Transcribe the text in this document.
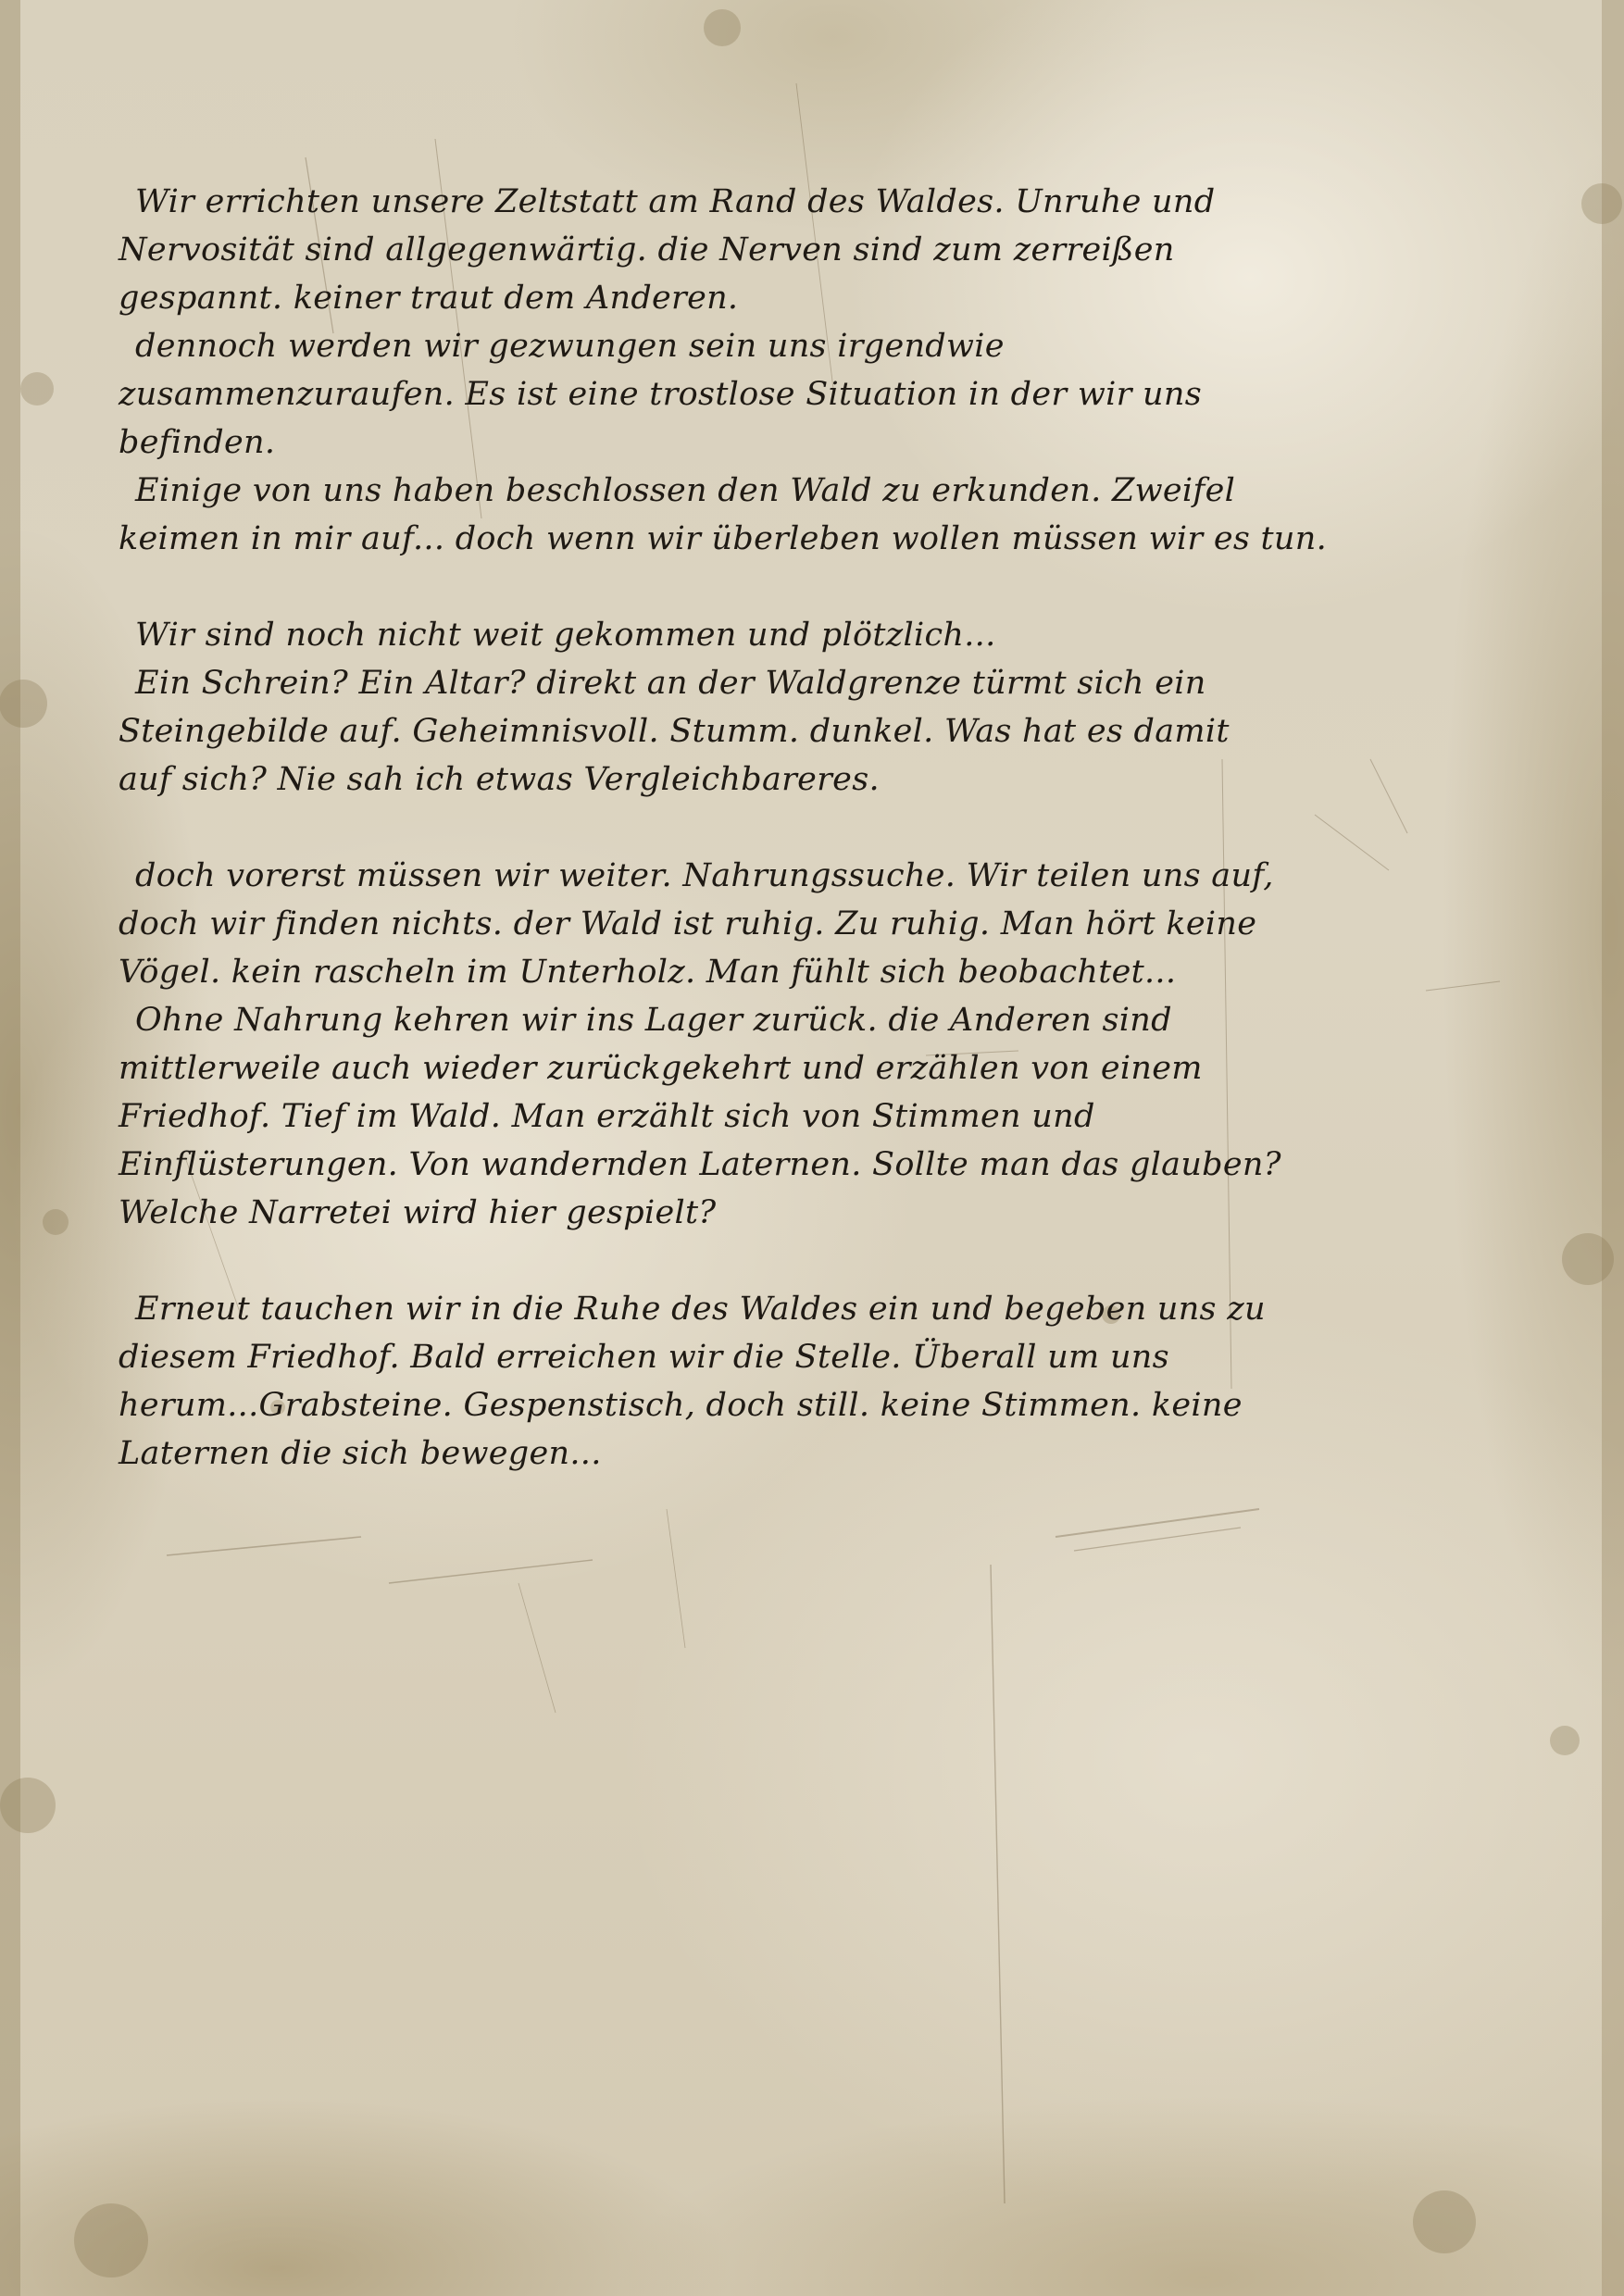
Wir errichten unsere Zeltstatt am Rand des Waldes. Unruhe und
Nervosität sind allgegenwärtig. die Nerven sind zum zerreißen
gespannt. keiner traut dem Anderen.
dennoch werden wir gezwungen sein uns irgendwie
zusammenzuraufen. Es ist eine trostlose Situation in der wir uns
befinden.
Einige von uns haben beschlossen den Wald zu erkunden. Zweifel
keimen in mir auf... doch wenn wir überleben wollen müssen wir es tun.
Wir sind noch nicht weit gekommen und plötzlich...
Ein Schrein? Ein Altar? direkt an der Waldgrenze türmt sich ein
Steingebilde auf. Geheimnisvoll. Stumm. dunkel. Was hat es damit
auf sich? Nie sah ich etwas Vergleichbareres.
doch vorerst müssen wir weiter. Nahrungssuche. Wir teilen uns auf,
doch wir finden nichts. der Wald ist ruhig. Zu ruhig. Man hört keine
Vögel. kein rascheln im Unterholz. Man fühlt sich beobachtet...
Ohne Nahrung kehren wir ins Lager zurück. die Anderen sind
mittlerweile auch wieder zurückgekehrt und erzählen von einem
Friedhof. Tief im Wald. Man erzählt sich von Stimmen und
Einflüsterungen. Von wandernden Laternen. Sollte man das glauben?
Welche Narretei wird hier gespielt?
Erneut tauchen wir in die Ruhe des Waldes ein und begeben uns zu
diesem Friedhof. Bald erreichen wir die Stelle. Überall um uns
herum...Grabsteine. Gespenstisch, doch still. keine Stimmen. keine
Laternen die sich bewegen...
